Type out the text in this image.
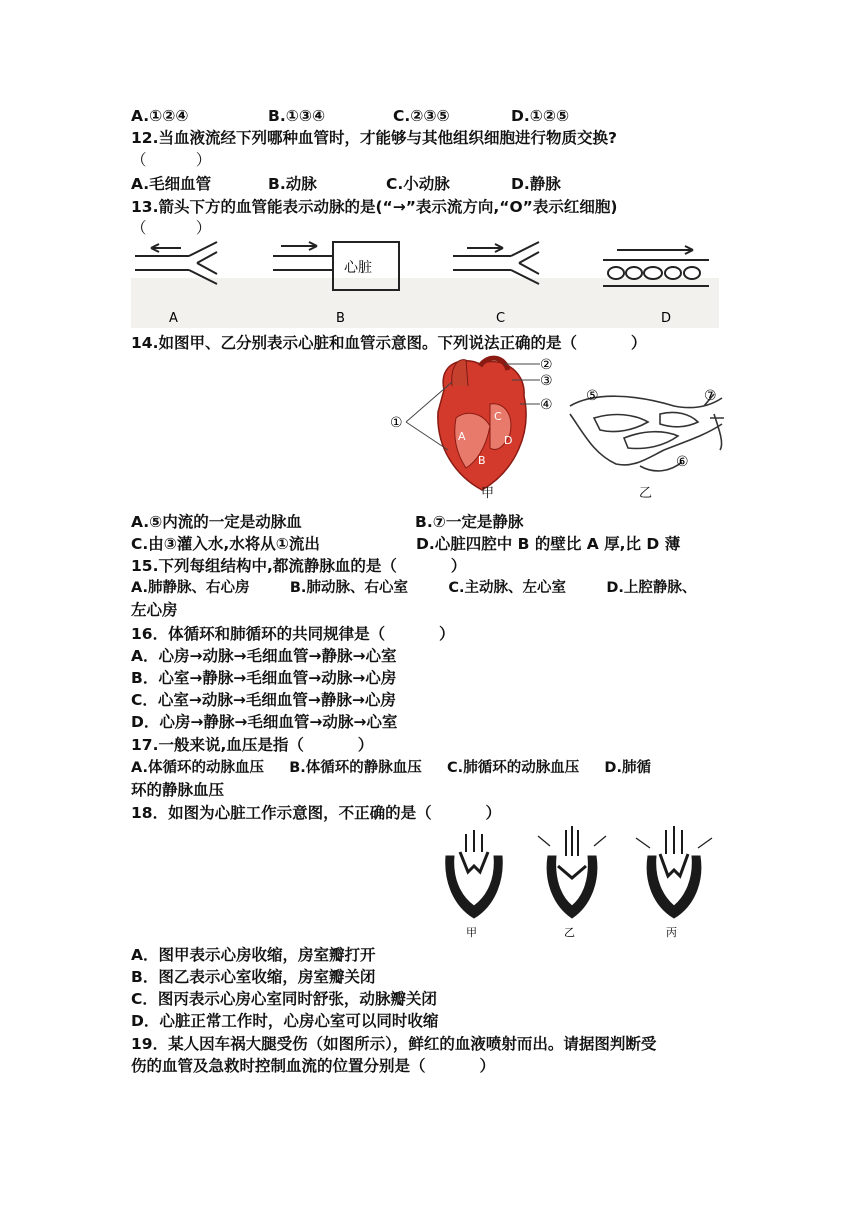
A.①②④	B.①③④	C.②③⑤	D.①②⑤
12.当血液流经下列哪种血管时，才能够与其他组织细胞进行物质交换?
（          ）
A.毛细血管	B.动脉	C.小动脉	D.静脉
13.箭头下方的血管能表示动脉的是(“→”表示流方向,“O”表示红细胞)
（          ）
A
心脏
B	C	D
14.如图甲、乙分别表示心脏和血管示意图。下列说法正确的是（          ）
A
B
C
D
①
②
③
④
甲
⑤
⑥
⑦
乙
A.⑤内流的一定是动脉血	B.⑦一定是静脉
C.由③灌入水,水将从①流出	D.心脏四腔中 B 的壁比 A 厚,比 D 薄
15.下列每组结构中,都流静脉血的是（          ）
A.肺静脉、右心房        B.肺动脉、右心室        C.主动脉、左心室        D.上腔静脉、
左心房
16．体循环和肺循环的共同规律是（          ）
A．心房→动脉→毛细血管→静脉→心室
B．心室→静脉→毛细血管→动脉→心房
C．心室→动脉→毛细血管→静脉→心房
D．心房→静脉→毛细血管→动脉→心室
17.一般来说,血压是指（          ）
A.体循环的动脉血压     B.体循环的静脉血压     C.肺循环的动脉血压     D.肺循
环的静脉血压
18．如图为心脏工作示意图，不正确的是（          ）
甲	乙	丙
A．图甲表示心房收缩，房室瓣打开
B．图乙表示心室收缩，房室瓣关闭
C．图丙表示心房心室同时舒张，动脉瓣关闭
D．心脏正常工作时，心房心室可以同时收缩
19．某人因车祸大腿受伤（如图所示），鲜红的血液喷射而出。请据图判断受
伤的血管及急救时控制血流的位置分别是（          ）
